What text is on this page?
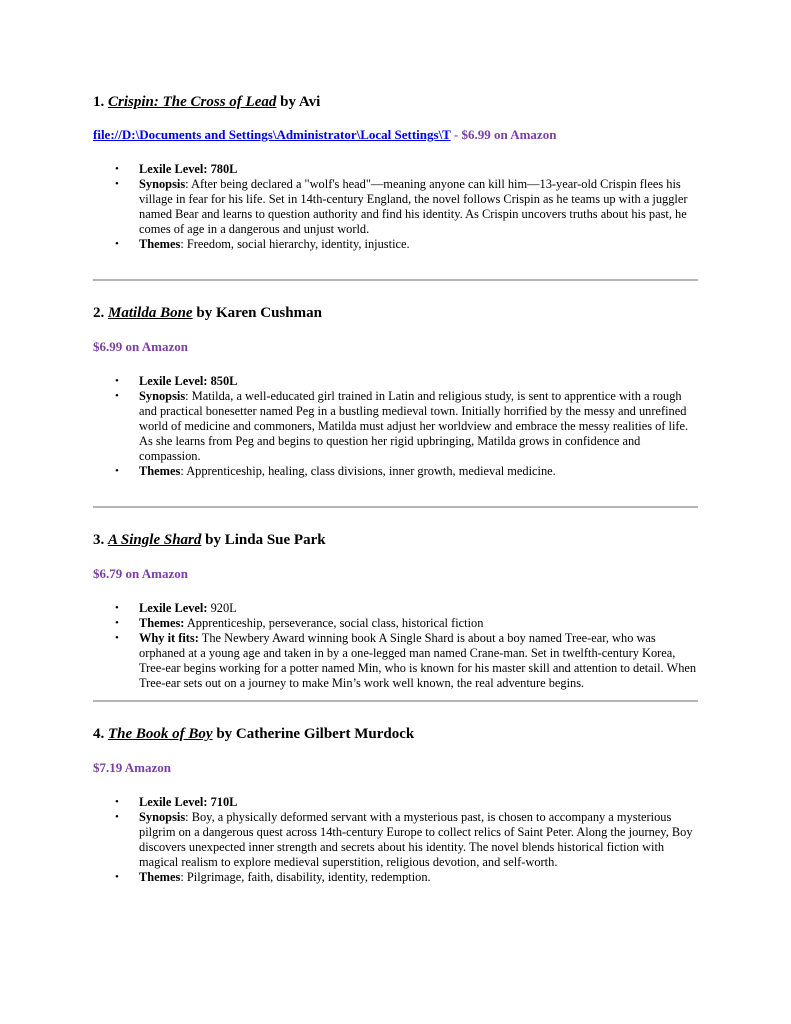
1. Crispin: The Cross of Lead by Avi
file://D:\Documents and Settings\Administrator\Local Settings\T - $6.99 on Amazon
• Lexile Level: 780L
• Synopsis: After being declared a "wolf's head"—meaning anyone can kill him—13-year-old Crispin flees his village in fear for his life. Set in 14th-century England, the novel follows Crispin as he teams up with a juggler named Bear and learns to question authority and find his identity. As Crispin uncovers truths about his past, he comes of age in a dangerous and unjust world.
• Themes: Freedom, social hierarchy, identity, injustice.
2. Matilda Bone by Karen Cushman
$6.99 on Amazon
• Lexile Level: 850L
• Synopsis: Matilda, a well-educated girl trained in Latin and religious study, is sent to apprentice with a rough and practical bonesetter named Peg in a bustling medieval town. Initially horrified by the messy and unrefined world of medicine and commoners, Matilda must adjust her worldview and embrace the messy realities of life. As she learns from Peg and begins to question her rigid upbringing, Matilda grows in confidence and compassion.
• Themes: Apprenticeship, healing, class divisions, inner growth, medieval medicine.
3. A Single Shard by Linda Sue Park
$6.79 on Amazon
• Lexile Level: 920L
• Themes: Apprenticeship, perseverance, social class, historical fiction
• Why it fits: The Newbery Award winning book A Single Shard is about a boy named Tree-ear, who was orphaned at a young age and taken in by a one-legged man named Crane-man. Set in twelfth-century Korea, Tree-ear begins working for a potter named Min, who is known for his master skill and attention to detail. When Tree-ear sets out on a journey to make Min’s work well known, the real adventure begins.
4. The Book of Boy by Catherine Gilbert Murdock
$7.19 Amazon
• Lexile Level: 710L
• Synopsis: Boy, a physically deformed servant with a mysterious past, is chosen to accompany a mysterious pilgrim on a dangerous quest across 14th-century Europe to collect relics of Saint Peter. Along the journey, Boy discovers unexpected inner strength and secrets about his identity. The novel blends historical fiction with magical realism to explore medieval superstition, religious devotion, and self-worth.
• Themes: Pilgrimage, faith, disability, identity, redemption.
